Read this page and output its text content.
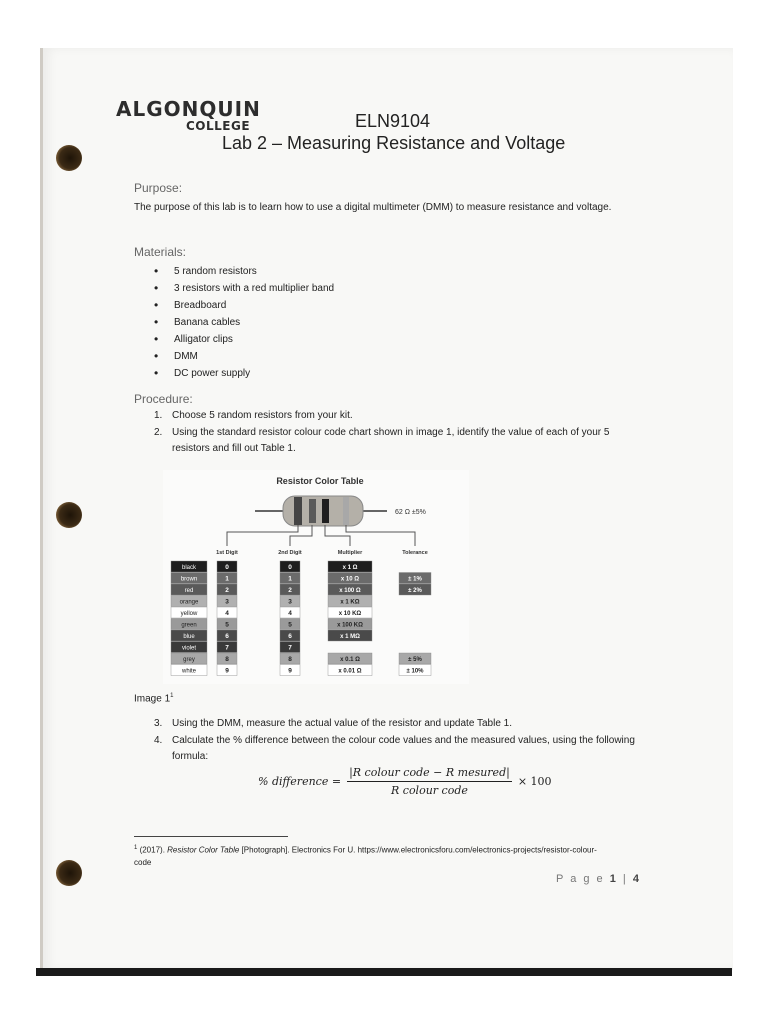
ALGONQUIN
COLLEGE	ELN9104
Lab 2 – Measuring Resistance and Voltage
Purpose:
The purpose of this lab is to learn how to use a digital multimeter (DMM) to measure resistance and voltage.
Materials:
• 5 random resistors
• 3 resistors with a red multiplier band
• Breadboard
• Banana cables
• Alligator clips
• DMM
• DC power supply
Procedure:
1. Choose 5 random resistors from your kit.
2. Using the standard resistor colour code chart shown in image 1, identify the value of each of your 5 resistors and fill out Table 1.
Resistor Color Table
62 Ω ±5%
1st Digit	2nd Digit	Multiplier	Tolerance
black	0	0	x 1 Ω
brown	1	1	x 10 Ω	± 1%
red	2	2	x 100 Ω	± 2%
orange	3	3	x 1 KΩ
yellow	4	4	x 10 KΩ
green	5	5	x 100 KΩ
blue	6	6	x 1 MΩ
violet	7	7
grey	8	8	x 0.1 Ω	± 5%
white	9	9	x 0.01 Ω	± 10%
Image $1^1$
3. Using the DMM, measure the actual value of the resistor and update Table 1.
4. Calculate the % difference between the colour code values and the measured values, using the following formula:
% difference = $\frac{\text{|R colour code − R mesured|}}{\text{R colour code}} \times 100$
$^1$ (2017). Resistor Color Table [Photograph]. Electronics For U. https://www.electronicsforu.com/electronics-projects/resistor-colour-code
P a g e 1 | 4
